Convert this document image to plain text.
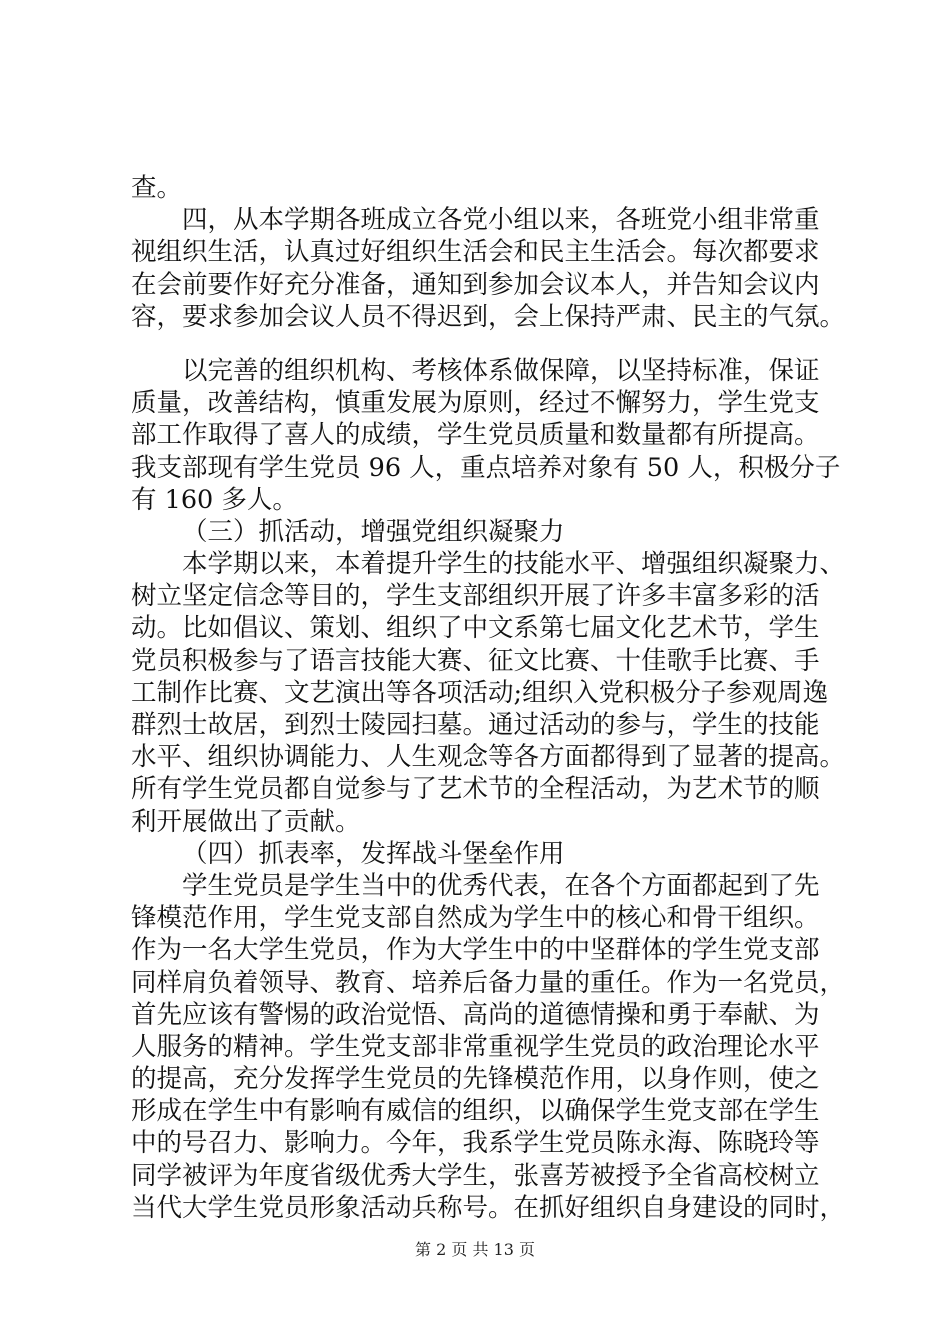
查。
四，从本学期各班成立各党小组以来，各班党小组非常重
视组织生活，认真过好组织生活会和民主生活会。每次都要求
在会前要作好充分准备，通知到参加会议本人，并告知会议内
容，要求参加会议人员不得迟到，会上保持严肃、民主的气氛。
以完善的组织机构、考核体系做保障，以坚持标准，保证
质量，改善结构，慎重发展为原则，经过不懈努力，学生党支
部工作取得了喜人的成绩，学生党员质量和数量都有所提高。
我支部现有学生党员 96 人，重点培养对象有 50 人，积极分子
有 160 多人。
（三）抓活动，增强党组织凝聚力
本学期以来，本着提升学生的技能水平、增强组织凝聚力、
树立坚定信念等目的，学生支部组织开展了许多丰富多彩的活
动。比如倡议、策划、组织了中文系第七届文化艺术节，学生
党员积极参与了语言技能大赛、征文比赛、十佳歌手比赛、手
工制作比赛、文艺演出等各项活动;组织入党积极分子参观周逸
群烈士故居，到烈士陵园扫墓。通过活动的参与，学生的技能
水平、组织协调能力、人生观念等各方面都得到了显著的提高。
所有学生党员都自觉参与了艺术节的全程活动，为艺术节的顺
利开展做出了贡献。
（四）抓表率，发挥战斗堡垒作用
学生党员是学生当中的优秀代表，在各个方面都起到了先
锋模范作用，学生党支部自然成为学生中的核心和骨干组织。
作为一名大学生党员，作为大学生中的中坚群体的学生党支部
同样肩负着领导、教育、培养后备力量的重任。作为一名党员，
首先应该有警惕的政治觉悟、高尚的道德情操和勇于奉献、为
人服务的精神。学生党支部非常重视学生党员的政治理论水平
的提高，充分发挥学生党员的先锋模范作用，以身作则，使之
形成在学生中有影响有威信的组织，以确保学生党支部在学生
中的号召力、影响力。今年，我系学生党员陈永海、陈晓玲等
同学被评为年度省级优秀大学生，张喜芳被授予全省高校树立
当代大学生党员形象活动兵称号。在抓好组织自身建设的同时，
第 2 页 共 13 页
